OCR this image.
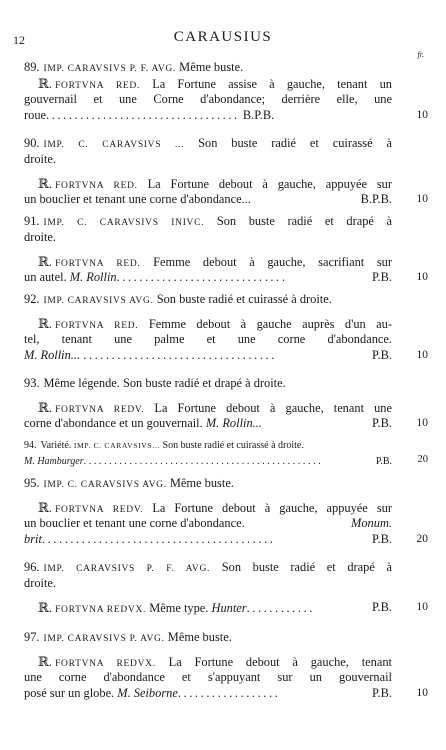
12	CARAUSIUS
fr.
89. IMP. CARAVSIVS P. F. AVG. Même buste.
ℝ. FORTVNA RED. La Fortune assise à gauche, tenant un
gouvernail et une Corne d'abondance; derrière elle, une
roue.................................. B.P.B.	10
90. IMP. C. CARAVSIVS ... Son buste radié et cuirassé à
droite.
ℝ. FORTVNA RED. La Fortune debout à gauche, appuyée sur
un bouclier et tenant une corne d'abondance...	B.P.B. 10
91. IMP. C. CARAVSIVS INIVC. Son buste radié et drapé à
droite.
ℝ. FORTVNA RED. Femme debout à gauche, sacrifiant sur
un autel. M. Rollin..............................	P.B. 10
92. IMP. CARAVSIVS AVG. Son buste radié et cuirassé à droite.
ℝ. FORTVNA RED. Femme debout à gauche auprès d'un au-
tel, tenant une palme et une corne d'abondance.
M. Rollin... ..................................	P.B. 10
93. Même légende. Son buste radié et drapé à droite.
ℝ. FORTVNA REDV. La Fortune debout à gauche, tenant une
corne d'abondance et un gouvernail. M. Rollin...	P.B. 10
94. Variété. IMP. C. CARAVSIVS... Son buste radié et cuirassé à droite.
M. Hamburger...............................................	P.B. 20
95. IMP. C. CARAVSIVS AVG. Même buste.
ℝ. FORTVNA REDV. La Fortune debout à gauche, appuyée sur
un bouclier et tenant une corne d'abondance.	Monum.
brit.........................................	P.B. 20
96. IMP. CARAVSIVS P. F. AVG. Son buste radié et drapé à
droite.
ℝ. FORTVNA REDVX. Même type. Hunter............	P.B. 10
97. IMP. CARAVSIVS P. AVG. Même buste.
ℝ. FORTVNA REDVX. La Fortune debout à gauche, tenant
une corne d'abondance et s'appuyant sur un gouvernail
posé sur un globe. M. Seiborne..................	P.B. 10
